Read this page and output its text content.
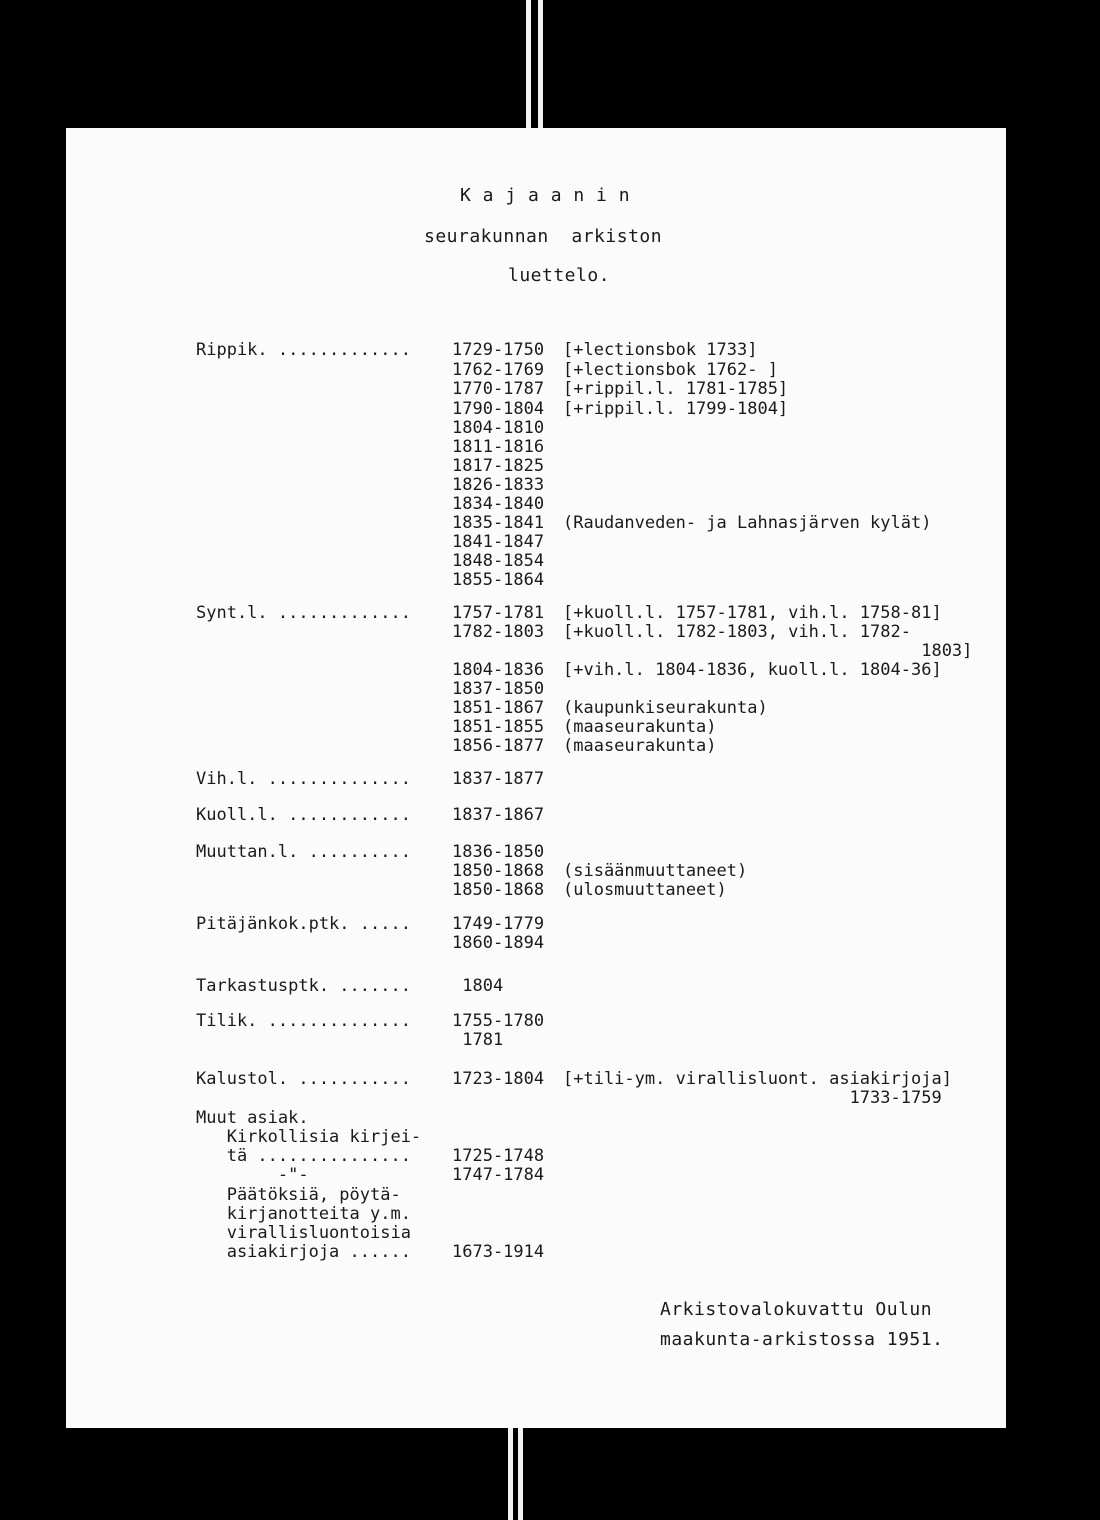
K a j a a n i n
seurakunnan  arkiston
luettelo.
Rippik. ............. 1729-1750 [+lectionsbok 1733]
1762-1769 [+lectionsbok 1762- ]
1770-1787 [+rippil.l. 1781-1785]
1790-1804 [+rippil.l. 1799-1804]
1804-1810
1811-1816
1817-1825
1826-1833
1834-1840
1835-1841 (Raudanveden- ja Lahnasjärven kylät)
1841-1847
1848-1854
1855-1864
Synt.l. ............. 1757-1781 [+kuoll.l. 1757-1781, vih.l. 1758-81]
1782-1803 [+kuoll.l. 1782-1803, vih.l. 1782-
1803]
1804-1836 [+vih.l. 1804-1836, kuoll.l. 1804-36]
1837-1850
1851-1867 (kaupunkiseurakunta)
1851-1855 (maaseurakunta)
1856-1877 (maaseurakunta)
Vih.l. .............. 1837-1877
Kuoll.l. ............ 1837-1867
Muuttan.l. .......... 1836-1850
1850-1868 (sisäänmuuttaneet)
1850-1868 (ulosmuuttaneet)
Pitäjänkok.ptk. ..... 1749-1779
1860-1894
Tarkastusptk. ....... 1804
Tilik. .............. 1755-1780
1781
Kalustol. ........... 1723-1804 [+tili-ym. virallisluont. asiakirjoja]
1733-1759
Muut asiak.
Kirkollisia kirjei-
tä ............... 1725-1748
-"-	1747-1784
Päätöksiä, pöytä-
kirjanotteita y.m.
virallisluontoisia
asiakirjoja ...... 1673-1914
Arkistovalokuvattu Oulun
maakunta-arkistossa 1951.
